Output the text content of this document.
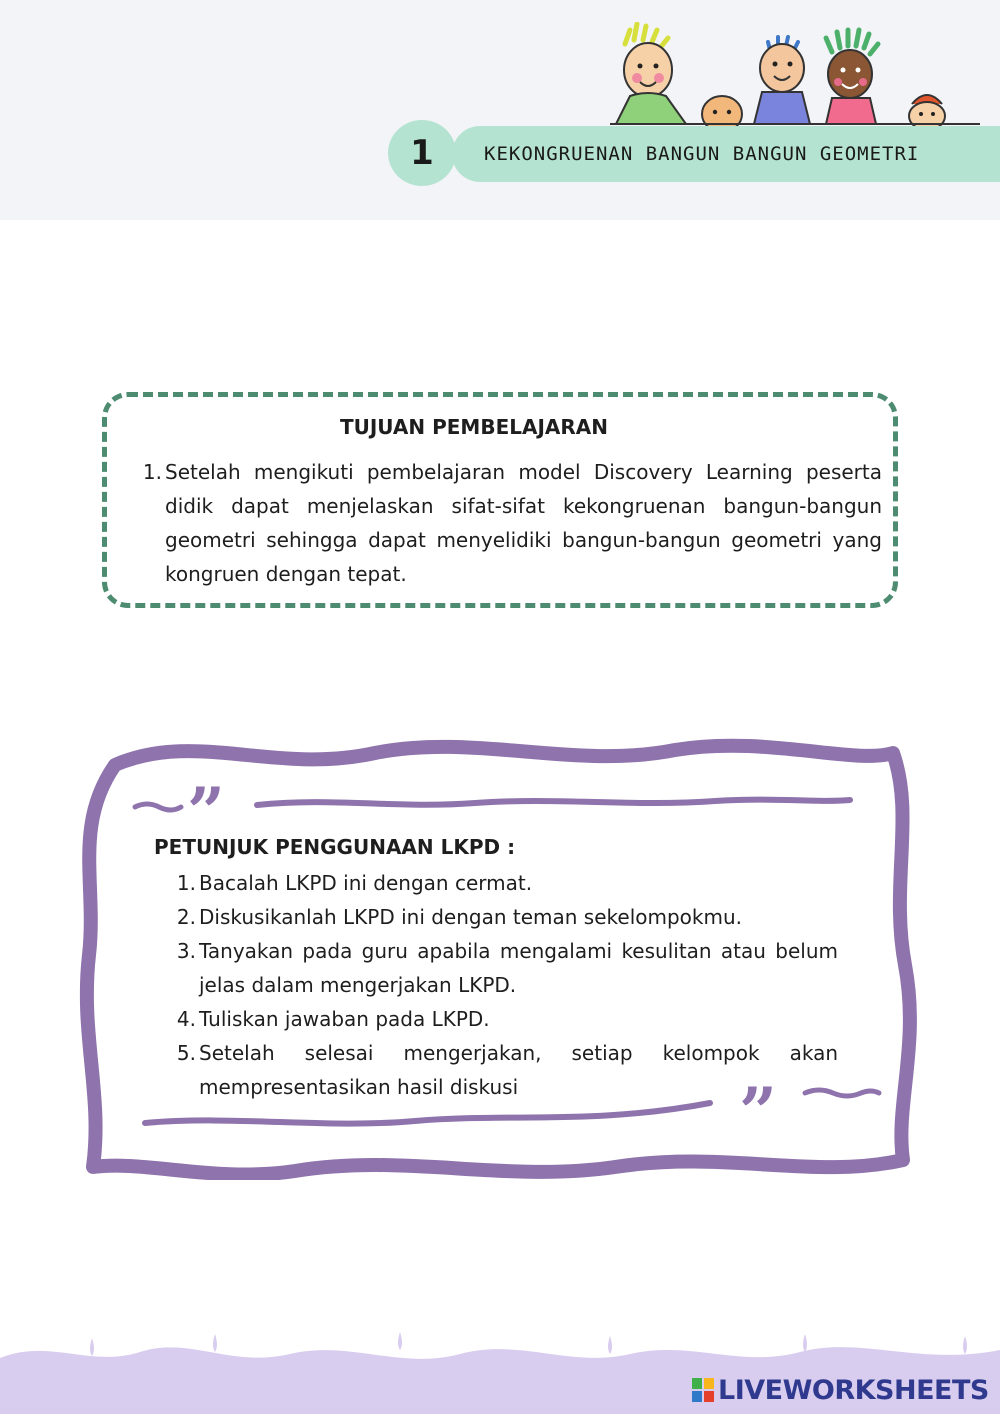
1	KEKONGRUENAN BANGUN BANGUN GEOMETRI
TUJUAN PEMBELAJARAN
1. Setelah mengikuti pembelajaran model Discovery Learning peserta didik dapat menjelaskan sifat-sifat kekongruenan bangun-bangun geometri sehingga dapat menyelidiki bangun-bangun geometri yang kongruen dengan tepat.
”
”
PETUNJUK PENGGUNAAN LKPD :
1. Bacalah LKPD ini dengan cermat.
2. Diskusikanlah LKPD ini dengan teman sekelompokmu.
3. Tanyakan pada guru apabila mengalami kesulitan atau belum jelas dalam mengerjakan LKPD.
4. Tuliskan jawaban pada LKPD.
5. Setelah selesai mengerjakan, setiap kelompok akan mempresentasikan hasil diskusi
LIVEWORKSHEETS
